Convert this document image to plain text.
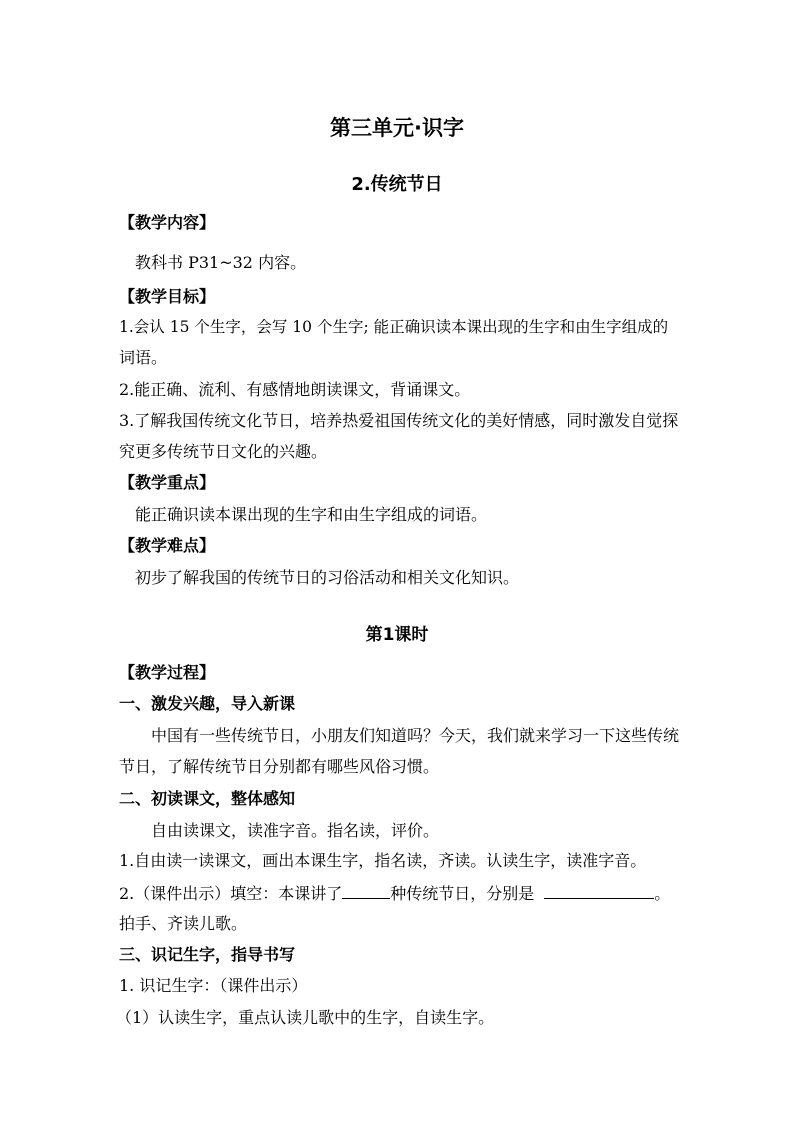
第三单元·识字
2.传统节日
【教学内容】
教科书 P31~32 内容。
【教学目标】
1.会认 15 个生字，会写 10 个生字; 能正确识读本课出现的生字和由生字组成的
词语。
2.能正确、流利、有感情地朗读课文，背诵课文。
3.了解我国传统文化节日，培养热爱祖国传统文化的美好情感，同时激发自觉探
究更多传统节日文化的兴趣。
【教学重点】
能正确识读本课出现的生字和由生字组成的词语。
【教学难点】
初步了解我国的传统节日的习俗活动和相关文化知识。
第1课时
【教学过程】
一、激发兴趣，导入新课
中国有一些传统节日，小朋友们知道吗？今天，我们就来学习一下这些传统
节日，了解传统节日分别都有哪些风俗习惯。
二、初读课文，整体感知
自由读课文，读准字音。指名读，评价。
1.自由读一读课文，画出本课生字，指名读，齐读。认读生字，读准字音。
2.（课件出示）填空：本课讲了	种传统节日，分别是	。
拍手、齐读儿歌。
三、识记生字，指导书写
1. 识记生字：（课件出示）
（1）认读生字，重点认读儿歌中的生字，自读生字。
